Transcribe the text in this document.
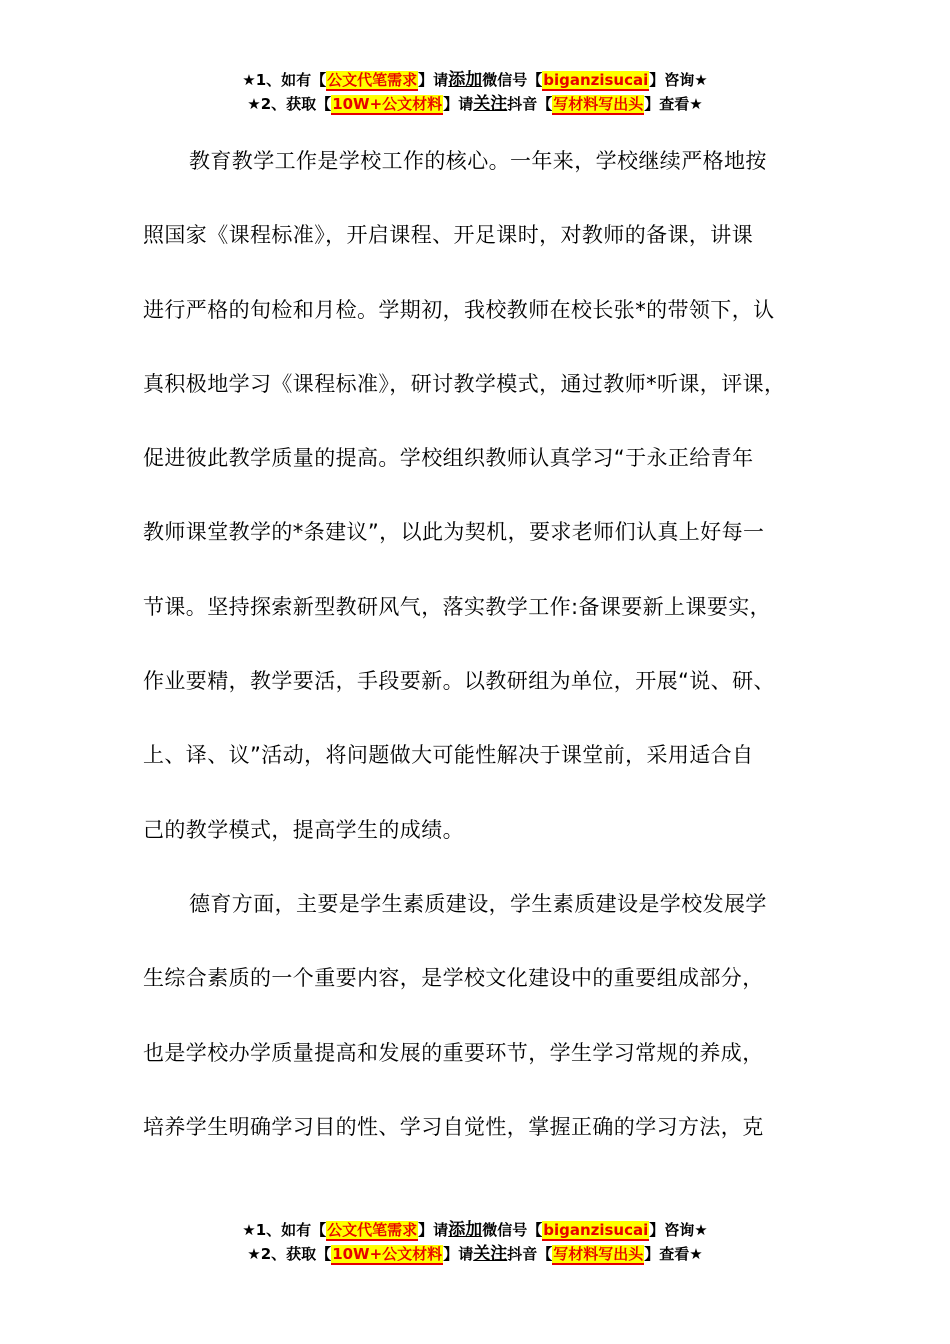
★1、如有【公文代笔需求】请添加微信号【biganzisucai】咨询★
★2、获取【10W+公文材料】请关注抖音【写材料写出头】查看★

教育教学工作是学校工作的核心。一年来，学校继续严格地按
照国家《课程标准》，开启课程、开足课时，对教师的备课，讲课
进行严格的旬检和月检。学期初，我校教师在校长张*的带领下，认
真积极地学习《课程标准》，研讨教学模式，通过教师*听课，评课，
促进彼此教学质量的提高。学校组织教师认真学习“于永正给青年
教师课堂教学的*条建议”，以此为契机，要求老师们认真上好每一
节课。坚持探索新型教研风气，落实教学工作:备课要新上课要实，
作业要精，教学要活，手段要新。以教研组为单位，开展“说、研、
上、译、议”活动，将问题做大可能性解决于课堂前，采用适合自
己的教学模式，提高学生的成绩。

德育方面，主要是学生素质建设，学生素质建设是学校发展学
生综合素质的一个重要内容，是学校文化建设中的重要组成部分，
也是学校办学质量提高和发展的重要环节，学生学习常规的养成，
培养学生明确学习目的性、学习自觉性，掌握正确的学习方法，克

★1、如有【公文代笔需求】请添加微信号【biganzisucai】咨询★
★2、获取【10W+公文材料】请关注抖音【写材料写出头】查看★
